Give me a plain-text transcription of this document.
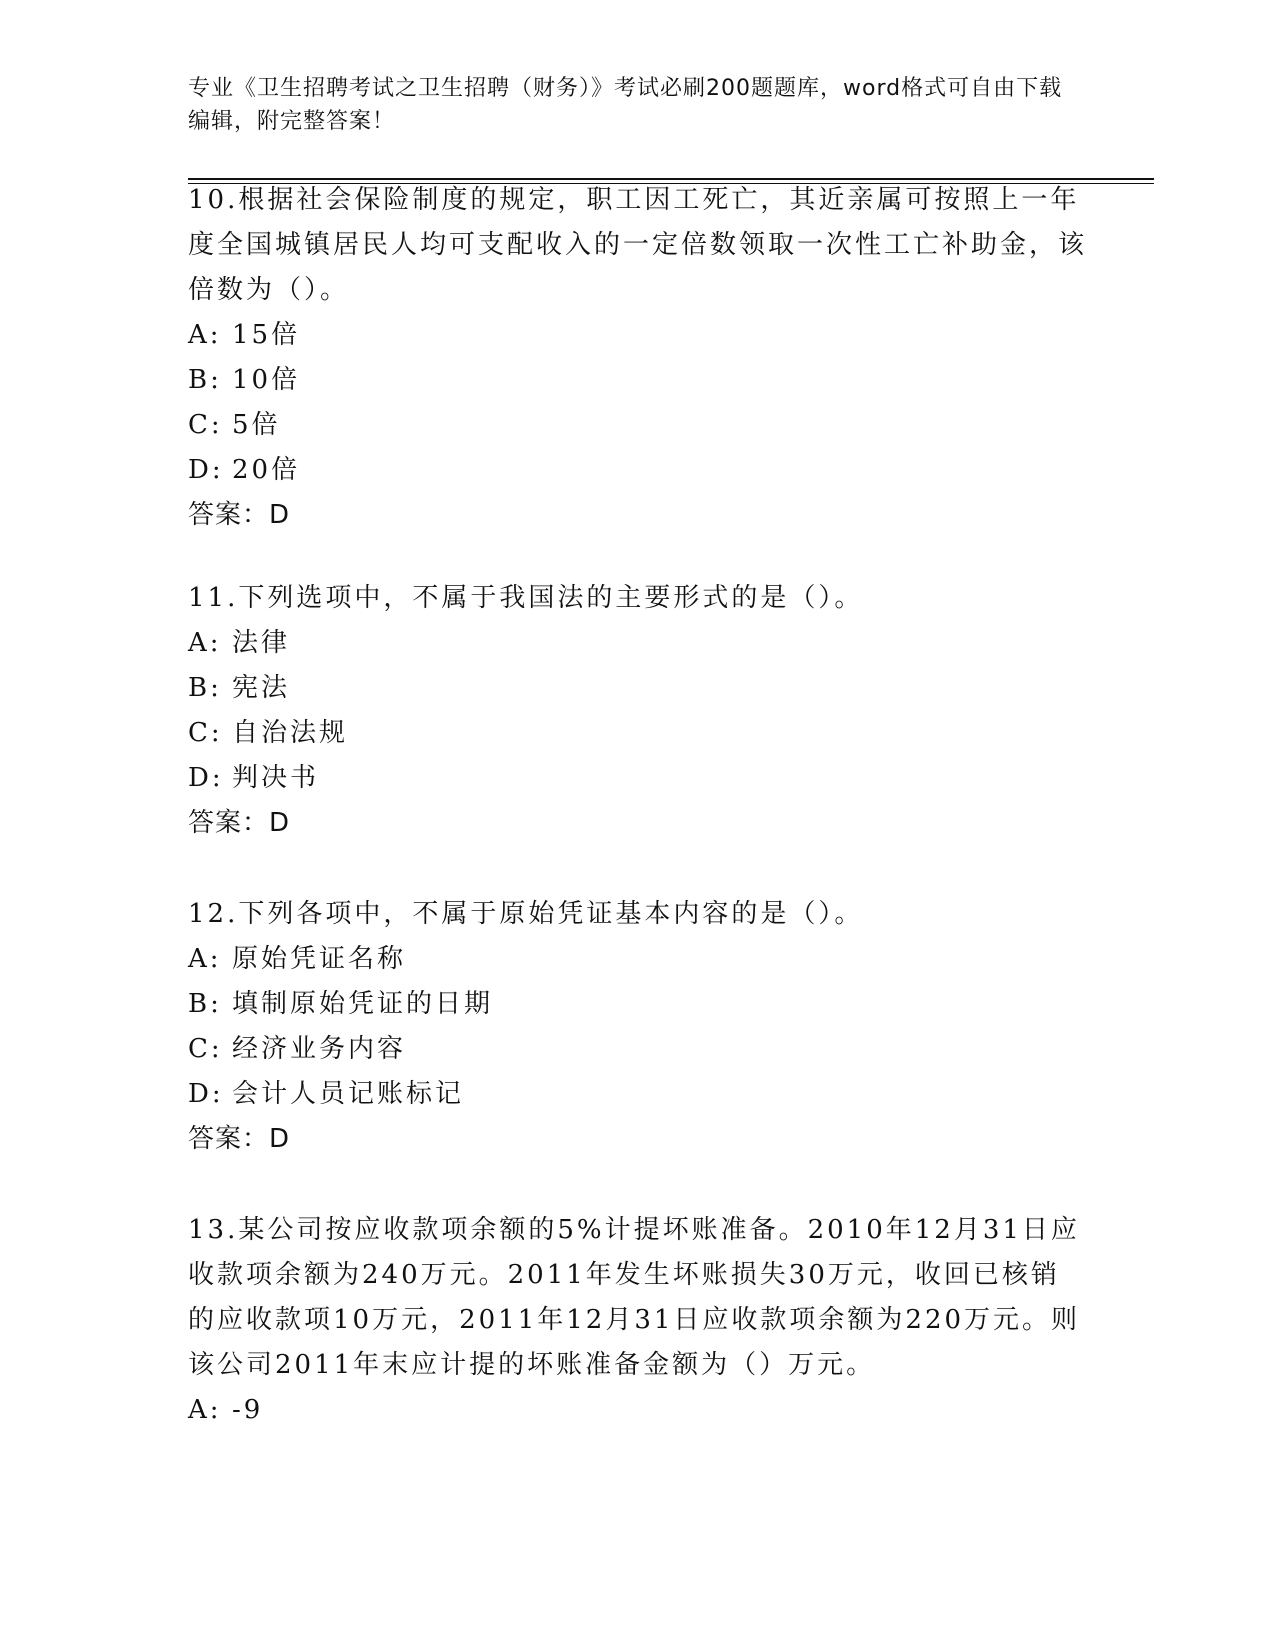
专业《卫生招聘考试之卫生招聘（财务）》考试必刷200题题库，word格式可自由下载编辑，附完整答案！

10.根据社会保险制度的规定，职工因工死亡，其近亲属可按照上一年度全国城镇居民人均可支配收入的一定倍数领取一次性工亡补助金，该倍数为（）。

A: 15倍

B: 10倍

C: 5倍

D: 20倍

答案：D

11.下列选项中，不属于我国法的主要形式的是（）。

A: 法律

B: 宪法

C: 自治法规

D: 判决书

答案：D

12.下列各项中，不属于原始凭证基本内容的是（）。

A: 原始凭证名称

B: 填制原始凭证的日期

C: 经济业务内容

D: 会计人员记账标记

答案：D

13.某公司按应收款项余额的5%计提坏账准备。2010年12月31日应收款项余额为240万元。2011年发生坏账损失30万元，收回已核销的应收款项10万元，2011年12月31日应收款项余额为220万元。则该公司2011年末应计提的坏账准备金额为（）万元。

A: -9
